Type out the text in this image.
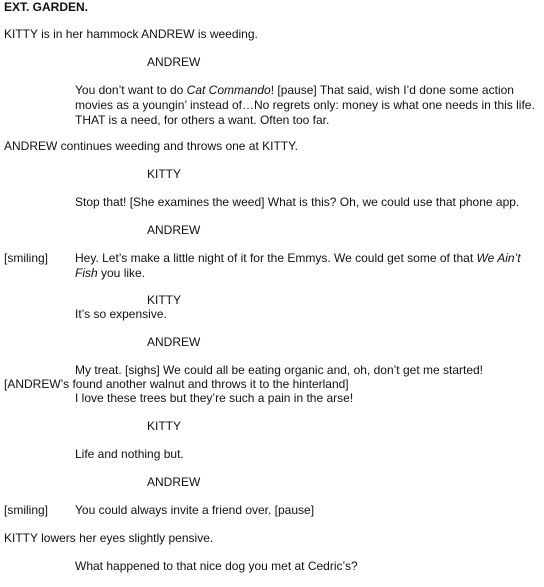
EXT. GARDEN.
KITTY is in her hammock ANDREW is weeding.
ANDREW
You don’t want to do Cat Commando! [pause] That said, wish I’d done some action
movies as a youngin’ instead of…No regrets only: money is what one needs in this life.
THAT is a need, for others a want. Often too far.
ANDREW continues weeding and throws one at KITTY.
KITTY
Stop that! [She examines the weed] What is this? Oh, we could use that phone app.
ANDREW
[smiling] Hey. Let’s make a little night of it for the Emmys. We could get some of that We Ain’t
Fish you like.
KITTY
It’s so expensive.
ANDREW
My treat. [sighs] We could all be eating organic and, oh, don’t get me started!
[ANDREW’s found another walnut and throws it to the hinterland]
I love these trees but they’re such a pain in the arse!
KITTY
Life and nothing but.
ANDREW
[smiling] You could always invite a friend over. [pause]
KITTY lowers her eyes slightly pensive.
What happened to that nice dog you met at Cedric’s?
